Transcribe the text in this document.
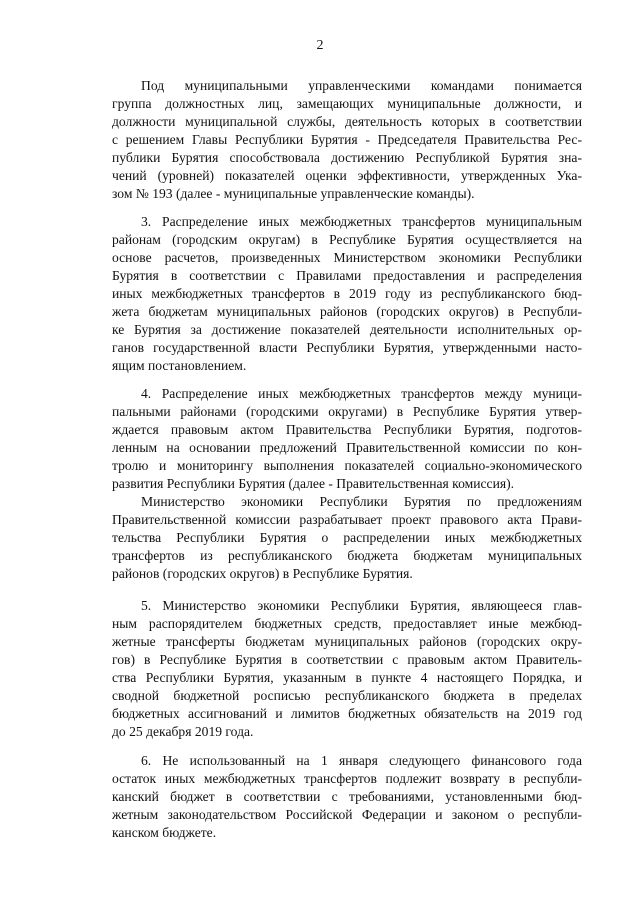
2
Под муниципальными управленческими командами понимается
группа должностных лиц, замещающих муниципальные должности, и
должности муниципальной службы, деятельность которых в соответствии
с решением Главы Республики Бурятия - Председателя Правительства Рес-
публики Бурятия способствовала достижению Республикой Бурятия зна-
чений (уровней) показателей оценки эффективности, утвержденных Ука-
зом № 193 (далее - муниципальные управленческие команды).
3. Распределение иных межбюджетных трансфертов муниципальным
районам (городским округам) в Республике Бурятия осуществляется на
основе расчетов, произведенных Министерством экономики Республики
Бурятия в соответствии с Правилами предоставления и распределения
иных межбюджетных трансфертов в 2019 году из республиканского бюд-
жета бюджетам муниципальных районов (городских округов) в Республи-
ке Бурятия за достижение показателей деятельности исполнительных ор-
ганов государственной власти Республики Бурятия, утвержденными насто-
ящим постановлением.
4. Распределение иных межбюджетных трансфертов между муници-
пальными районами (городскими округами) в Республике Бурятия утвер-
ждается правовым актом Правительства Республики Бурятия, подготов-
ленным на основании предложений Правительственной комиссии по кон-
тролю и мониторингу выполнения показателей социально-экономического
развития Республики Бурятия (далее - Правительственная комиссия).
Министерство экономики Республики Бурятия по предложениям
Правительственной комиссии разрабатывает проект правового акта Прави-
тельства Республики Бурятия о распределении иных межбюджетных
трансфертов из республиканского бюджета бюджетам муниципальных
районов (городских округов) в Республике Бурятия.
5. Министерство экономики Республики Бурятия, являющееся глав-
ным распорядителем бюджетных средств, предоставляет иные межбюд-
жетные трансферты бюджетам муниципальных районов (городских окру-
гов) в Республике Бурятия в соответствии с правовым актом Правитель-
ства Республики Бурятия, указанным в пункте 4 настоящего Порядка, и
сводной бюджетной росписью республиканского бюджета в пределах
бюджетных ассигнований и лимитов бюджетных обязательств на 2019 год
до 25 декабря 2019 года.
6. Не использованный на 1 января следующего финансового года
остаток иных межбюджетных трансфертов подлежит возврату в республи-
канский бюджет в соответствии с требованиями, установленными бюд-
жетным законодательством Российской Федерации и законом о республи-
канском бюджете.
